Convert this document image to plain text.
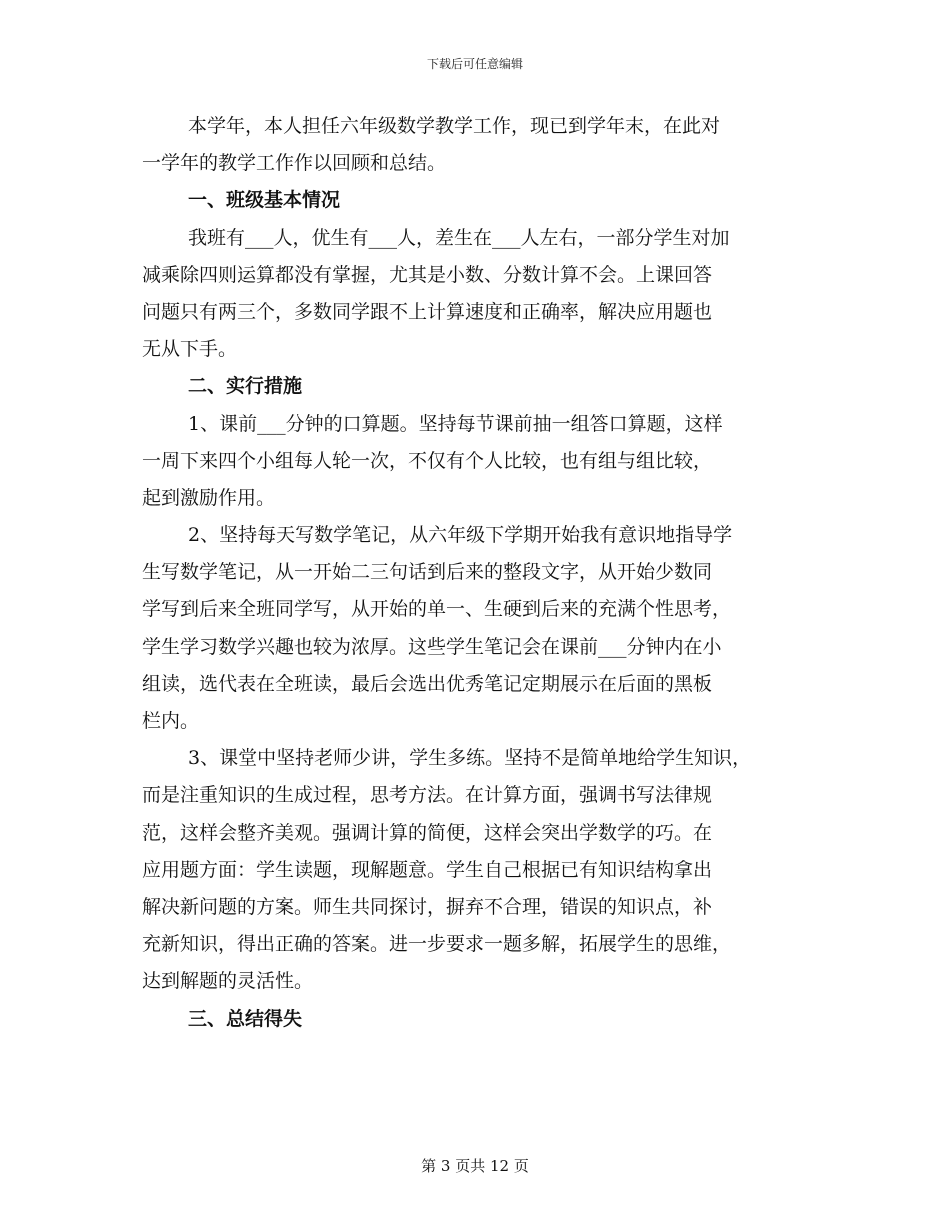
下载后可任意编辑
本学年，本人担任六年级数学教学工作，现已到学年末，在此对
一学年的教学工作作以回顾和总结。
一、班级基本情况
我班有___人，优生有___人，差生在___人左右，一部分学生对加
减乘除四则运算都没有掌握，尤其是小数、分数计算不会。上课回答
问题只有两三个，多数同学跟不上计算速度和正确率，解决应用题也
无从下手。
二、实行措施
1、课前___分钟的口算题。坚持每节课前抽一组答口算题，这样
一周下来四个小组每人轮一次，不仅有个人比较，也有组与组比较，
起到激励作用。
2、坚持每天写数学笔记，从六年级下学期开始我有意识地指导学
生写数学笔记，从一开始二三句话到后来的整段文字，从开始少数同
学写到后来全班同学写，从开始的单一、生硬到后来的充满个性思考，
学生学习数学兴趣也较为浓厚。这些学生笔记会在课前___分钟内在小
组读，选代表在全班读，最后会选出优秀笔记定期展示在后面的黑板
栏内。
3、课堂中坚持老师少讲，学生多练。坚持不是简单地给学生知识，
而是注重知识的生成过程，思考方法。在计算方面，强调书写法律规
范，这样会整齐美观。强调计算的简便，这样会突出学数学的巧。在
应用题方面：学生读题，现解题意。学生自己根据已有知识结构拿出
解决新问题的方案。师生共同探讨，摒弃不合理，错误的知识点，补
充新知识，得出正确的答案。进一步要求一题多解，拓展学生的思维，
达到解题的灵活性。
三、总结得失
第 3 页共 12 页
